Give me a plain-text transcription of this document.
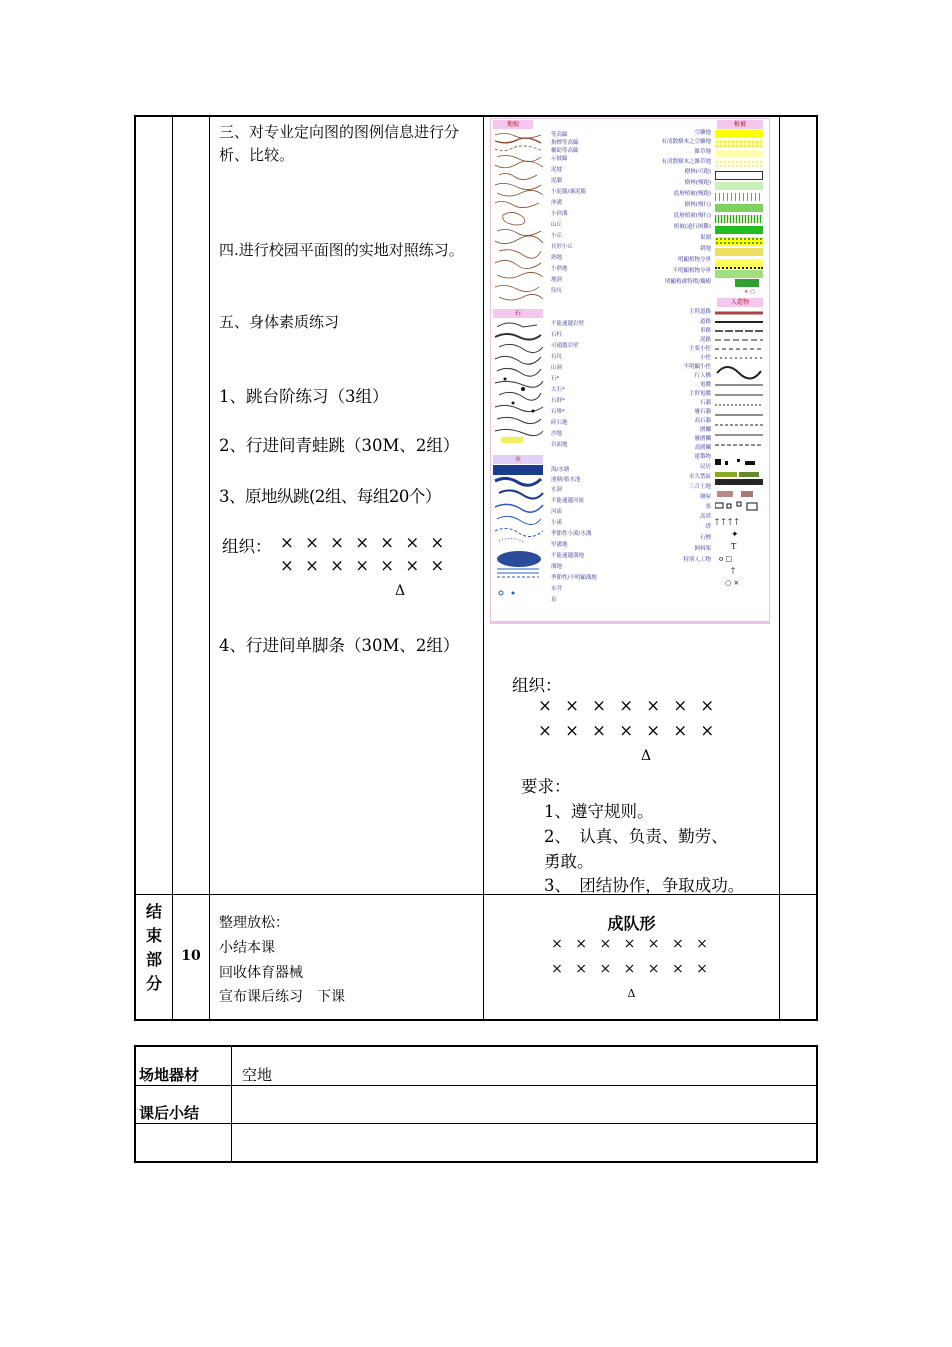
三、对专业定向图的图例信息进行分析、比较。
四.进行校园平面图的实地对照练习。
五、身体素质练习
1、跳台阶练习（3组）
2、行进间青蛙跳（30M、2组）
3、原地纵跳(2组、每组20个）
组织： × × × × × × ×
× × × × × × ×
Δ
4、行进间单脚条（30M、2组）
地貌	植被
石
人造物
水
等高線
指標等高線
輔助等高線
示坡線
泥坡
泥牆
小泥牆/凜泥牆
沖溝
小沖溝
山丘
小丘
長形小丘
熟地
小熟地
地洞
窪坑
空曠地
有凌散樹木之空曠地
雜草地
有凌散樹木之雜草地
樹林(可跑)
樹林(慢跑)
底層植被(慢跑)
樹林(慢行)
底層植被(慢行)
植被(遠行困難)
果園
耕地
明顯植物分界
不明顯植物分界
明顯植被特徵/獨樹
× ○
† † † †
✦
T
o □
†
○ ×
主幹道路
道路
車路
泥路
主要小徑
小徑
不明顯小徑
行人橋
電纜
主幹電纜
石牆
廢石牆
高石牆
圍欄
廢圍欄
高圍欄
建築物
民居
永久禁區
三合土地
廢屋
塞
高塔
塔
石標
飼料架
特別人工物
不能通越岩壁
石柱
可通越岩壁
石坑
山洞
石*
大石*
石群*
石堆*
碎石地
沙地
岩面地
海/水塘
池塘/蓄水池
水洞
不能通越河流
河流
小溪
季節性小溪/水溝
窄溝地
不能通越溝地
溝地
季節性/不明顯溝地
水井
泉
组织：
× × × × × × ×
× × × × × × ×
Δ
要求：
1、遵守规则。
2、　认真、负责、勤劳、
勇敢。
3、　团结协作，争取成功。
结
束
部
分
10
整理放松：
小结本课
回收体育器械
宣布课后练习　下课
成队形
× × × × × × ×
× × × × × × ×
Δ
场地器材	空地
课后小结
